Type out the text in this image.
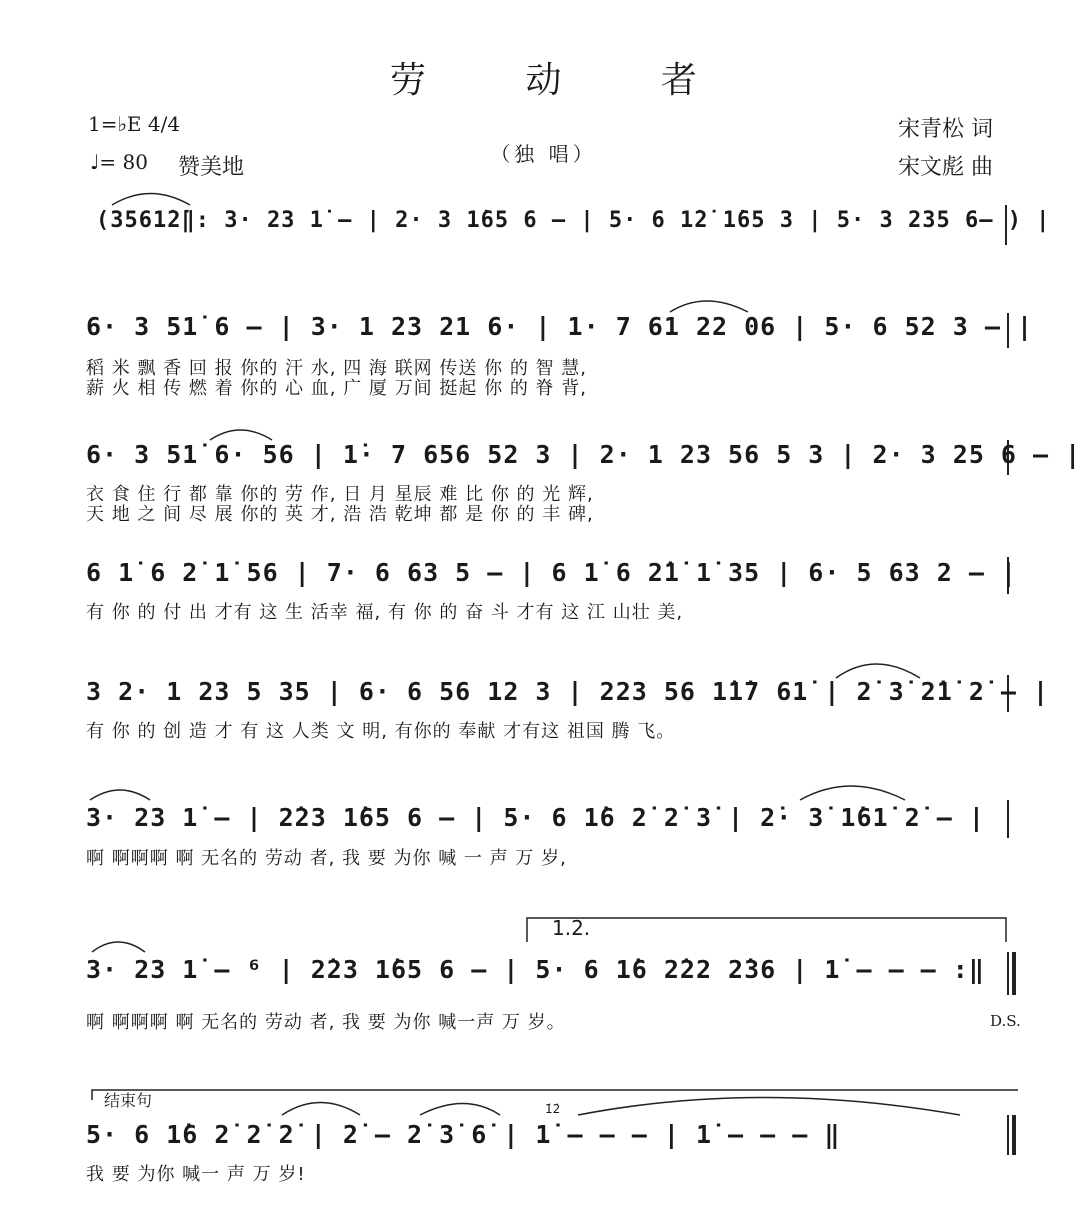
劳 动 者
1=♭E 4/4
♩= 80 赞美地
（独 唱）
宋青松 词
宋文彪 曲
(3561̇2̇‖: 3· 23 1̇ – | 2· 3 1̇65 6 – | 5· 6 1̇2̇ 1̇65 3 | 5· 3 235 6– ) |
6· 3 51̇ 6 – | 3· 1 23 21 6· | 1· 7 61 22 06 | 5· 6 52 3 – |
稻 米 飘 香 回 报 你的 汗 水, 四 海 联网 传送 你 的 智 慧,
薪 火 相 传 燃 着 你的 心 血, 广 厦 万间 挺起 你 的 脊 背,
6· 3 51̇ 6· 56 | 1̇· 7 656 52 3 | 2· 1 23 56 5 3 | 2· 3 25 6 – |
衣 食 住 行 都 靠 你的 劳 作, 日 月 星辰 难 比 你 的 光 辉,
天 地 之 间 尽 展 你的 英 才, 浩 浩 乾坤 都 是 你 的 丰 碑,
6 1̇ 6 2̇ 1̇ 56 | 7· 6 63 5 – | 6 1̇ 6 2̇1̇ 1̇ 35 | 6· 5 63 2 – |
有 你 的 付 出 才有 这 生 活幸 福, 有 你 的 奋 斗 才有 这 江 山壮 美,
3 2· 1 23 5 35 | 6· 6 56 12 3 | 223 56 1̇1̇7 61̇ | 2̇ 3̇ 2̇1̇ 2̇ – |
有 你 的 创 造 才 有 这 人类 文 明, 有你的 奉献 才有这 祖国 腾 飞。
3· 23 1̇ – | 2̇23 1̇65 6 – | 5· 6 1̇6 2̇ 2̇ 3̇ | 2̇· 3̇ 1̇61̇ 2̇ – |
啊 啊啊啊 啊 无名的 劳动 者, 我 要 为你 喊 一 声 万 岁,
1.2.
3· 23 1̇ – ⁶ | 2̇23 1̇65 6 – | 5· 6 1̇6 2̇22 2̇36 | 1̇ – – – :‖
啊 啊啊啊 啊 无名的 劳动 者, 我 要 为你 喊一声 万 岁。	D.S.
结束句
5· 6 1̇6 2̇ 2̇ 2̇ | 2̇ – 2̇ 3̇ 6̇ | 1̇ – – – | 1̇ – – – ‖
1̇2̇
我 要 为你 喊一 声 万 岁!
